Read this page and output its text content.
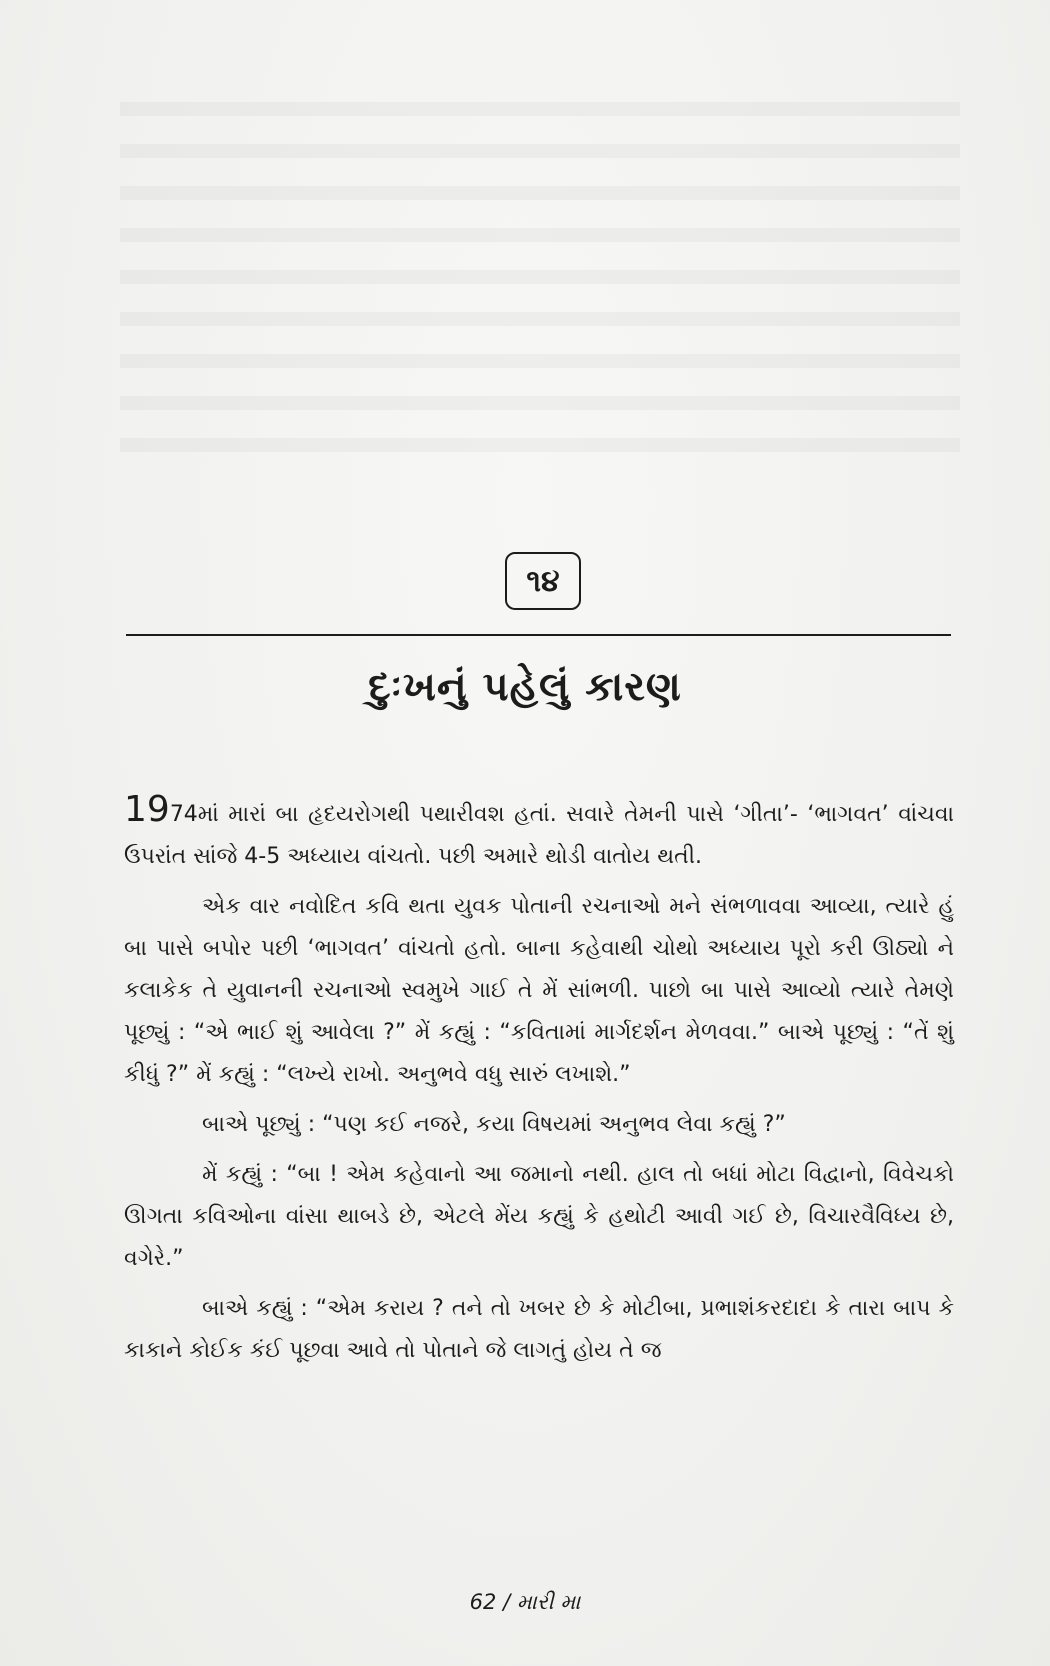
૧૪
દુઃખનું પહેલું કારણ

1974માં મારાં બા હૃદયરોગથી પથારીવશ હતાં. સવારે તેમની પાસે ‘ગીતા’- ‘ભાગવત’ વાંચવા ઉપરાંત સાંજે 4-5 અધ્યાય વાંચતો. પછી અમારે થોડી વાતોય થતી.

એક વાર નવોદિત કવિ થતા યુવક પોતાની રચનાઓ મને સંભળાવવા આવ્યા, ત્યારે હું બા પાસે બપોર પછી ‘ભાગવત’ વાંચતો હતો. બાના કહેવાથી ચોથો અધ્યાય પૂરો કરી ઊઠ્યો ને કલાકેક તે યુવાનની રચનાઓ સ્વમુખે ગાઈ તે મેં સાંભળી. પાછો બા પાસે આવ્યો ત્યારે તેમણે પૂછ્યું : “એ ભાઈ શું આવેલા ?” મેં કહ્યું : “કવિતામાં માર્ગદર્શન મેળવવા.” બાએ પૂછ્યું : “તેં શું કીધું ?” મેં કહ્યું : “લખ્યે રાખો. અનુભવે વધુ સારું લખાશે.”

બાએ પૂછ્યું : “પણ કઈ નજરે, કયા વિષયમાં અનુભવ લેવા કહ્યું ?”

મેં કહ્યું : “બા ! એમ કહેવાનો આ જમાનો નથી. હાલ તો બધાં મોટા વિદ્વાનો, વિવેચકો ઊગતા કવિઓના વાંસા થાબડે છે, એટલે મેંય કહ્યું કે હથોટી આવી ગઈ છે, વિચારવૈવિધ્ય છે, વગેરે.”

બાએ કહ્યું : “એમ કરાય ? તને તો ખબર છે કે મોટીબા, પ્રભાશંકરદાદા કે તારા બાપ કે કાકાને કોઈક કંઈ પૂછવા આવે તો પોતાને જે લાગતું હોય તે જ

62 / મારી મા
